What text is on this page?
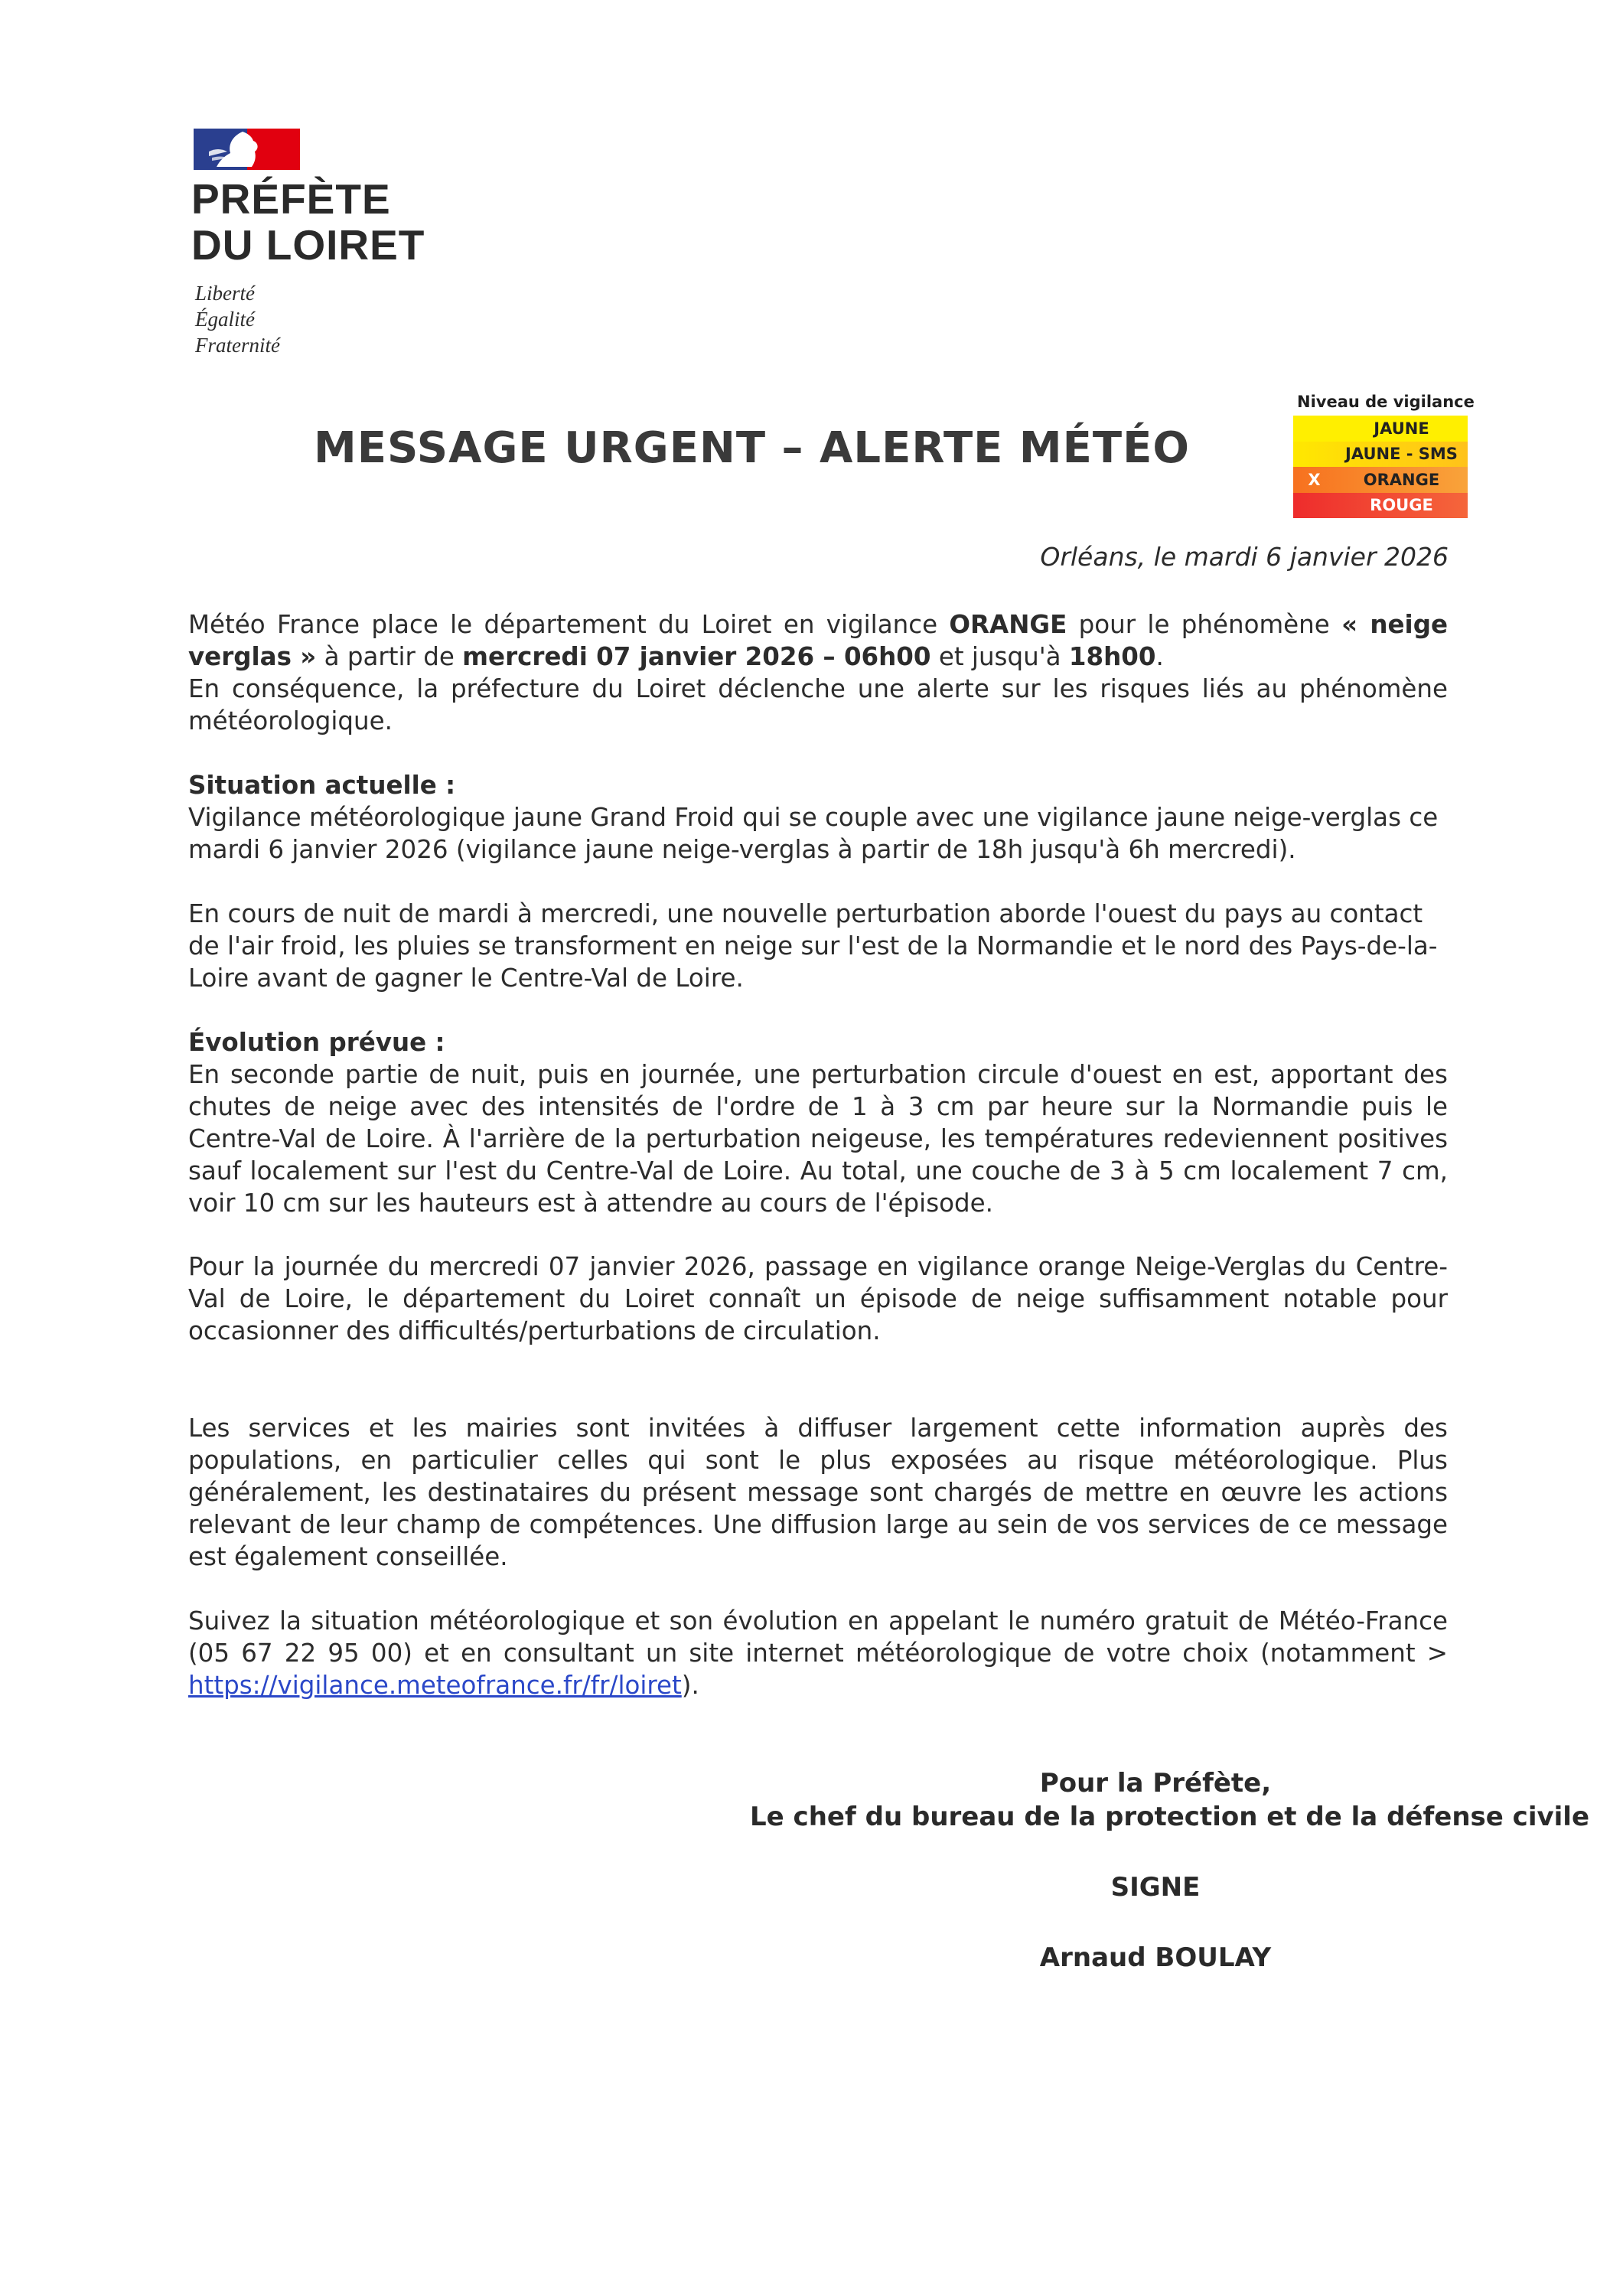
PRÉFÈTE
DU LOIRET
Liberté
Égalité
Fraternité
MESSAGE URGENT – ALERTE MÉTÉO
Niveau de vigilance
JAUNE
JAUNE - SMS
X	ORANGE
ROUGE
Orléans, le mardi 6 janvier 2026

Météo France place le département du Loiret en vigilance ORANGE pour le phénomène « neige verglas » à partir de mercredi 07 janvier 2026 – 06h00 et jusqu'à 18h00.

En conséquence, la préfecture du Loiret déclenche une alerte sur les risques liés au phénomène météorologique.

Situation actuelle :

Vigilance météorologique jaune Grand Froid qui se couple avec une vigilance jaune neige-verglas ce mardi 6 janvier 2026 (vigilance jaune neige-verglas à partir de 18h jusqu'à 6h mercredi).

En cours de nuit de mardi à mercredi, une nouvelle perturbation aborde l'ouest du pays au contact de l'air froid, les pluies se transforment en neige sur l'est de la Normandie et le nord des Pays-de-la-Loire avant de gagner le Centre-Val de Loire.

Évolution prévue :

En seconde partie de nuit, puis en journée, une perturbation circule d'ouest en est, apportant des chutes de neige avec des intensités de l'ordre de 1 à 3 cm par heure sur la Normandie puis le Centre-Val de Loire. À l'arrière de la perturbation neigeuse, les températures redeviennent positives sauf localement sur l'est du Centre-Val de Loire. Au total, une couche de 3 à 5 cm localement 7 cm, voir 10 cm sur les hauteurs est à attendre au cours de l'épisode.

Pour la journée du mercredi 07 janvier 2026, passage en vigilance orange Neige-Verglas du Centre-Val de Loire, le département du Loiret connaît un épisode de neige suffisamment notable pour occasionner des difficultés/perturbations de circulation.

Les services et les mairies sont invitées à diffuser largement cette information auprès des populations, en particulier celles qui sont le plus exposées au risque météorologique. Plus généralement, les destinataires du présent message sont chargés de mettre en œuvre les actions relevant de leur champ de compétences. Une diffusion large au sein de vos services de ce message est également conseillée.

Suivez la situation météorologique et son évolution en appelant le numéro gratuit de Météo-France (05 67 22 95 00) et en consultant un site internet météorologique de votre choix (notamment > https://vigilance.meteofrance.fr/fr/loiret).

Pour la Préfète,
Le chef du bureau de la protection et de la défense civile
SIGNE
Arnaud BOULAY
